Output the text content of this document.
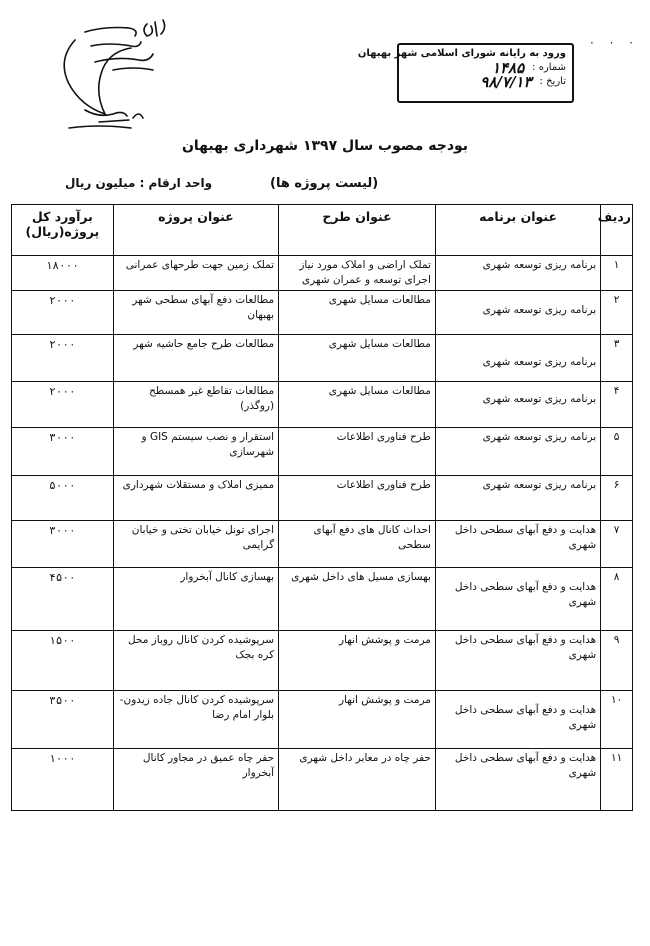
ورود به رایانه شورای اسلامی شهر بهبهان
شماره :
۱۴۸۵
تاریخ :
۹۸/۷/۱۳
· · ·
بودجه مصوب سال ۱۳۹۷ شهرداری بهبهان
(لیست پروژه ها)
واحد ارقام : میلیون ریال
ردیف	عنوان برنامه	عنوان طرح	عنوان پروژه	برآورد کل پروژه(ریال)
۱	برنامه ریزی توسعه شهری	تملک اراضی و املاک مورد نیاز اجرای توسعه و عمران شهری	تملک زمین جهت طرحهای عمرانی	۱۸۰۰۰
۲	برنامه ریزی توسعه شهری	مطالعات مسایل شهری	مطالعات دفع آبهای سطحی شهر بهبهان	۲۰۰۰
۳	برنامه ریزی توسعه شهری	مطالعات مسایل شهری	مطالعات طرح جامع حاشیه شهر	۲۰۰۰
۴	برنامه ریزی توسعه شهری	مطالعات مسایل شهری	مطالعات تقاطع غیر همسطح (روگذر)	۲۰۰۰
۵	برنامه ریزی توسعه شهری	طرح فناوری اطلاعات	استقرار و نصب سیستم GIS و شهرسازی	۳۰۰۰
۶	برنامه ریزی توسعه شهری	طرح فناوری اطلاعات	ممیزی املاک و مستقلات شهرداری	۵۰۰۰
۷	هدایت و دفع آبهای سطحی داخل شهری	احداث کانال های دفع آبهای سطحی	اجرای تونل خیابان تختی و خیابان گرایمی	۳۰۰۰
۸	هدایت و دفع آبهای سطحی داخل شهری	بهسازی مسیل های داخل شهری	بهسازی کانال آبخروار	۴۵۰۰
۹	هدایت و دفع آبهای سطحی داخل شهری	مرمت و پوشش انهار	سرپوشیده کردن کانال روباز محل کره بجک	۱۵۰۰
۱۰	هدایت و دفع آبهای سطحی داخل شهری	مرمت و پوشش انهار	سرپوشیده کردن کانال جاده زیدون- بلوار امام رضا	۳۵۰۰
۱۱	هدایت و دفع آبهای سطحی داخل شهری	حفر چاه در معابر داخل شهری	حفر چاه عمیق در مجاور کانال آبخروار	۱۰۰۰
